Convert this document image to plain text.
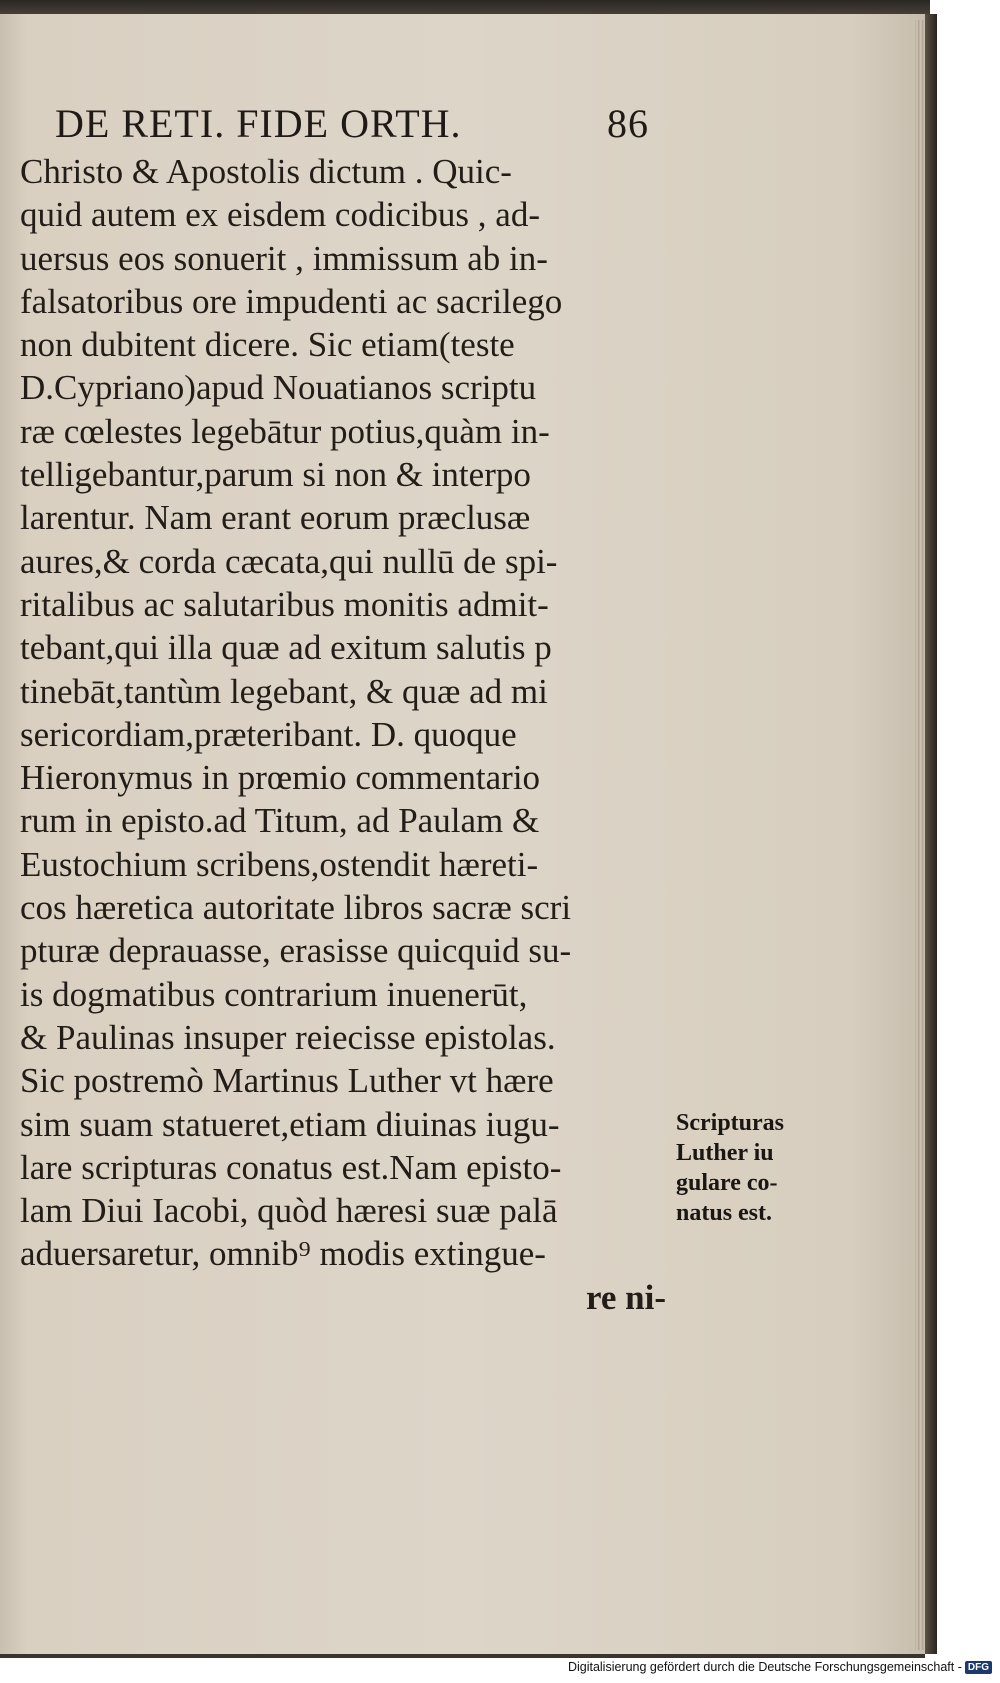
DE RETI. FIDE ORTH.	86
Christo & Apostolis dictum . Quic-
quid autem ex eisdem codicibus , ad-
uersus eos sonuerit , immissum ab in-
falsatoribus ore impudenti ac sacrilego
non dubitent dicere. Sic etiam(teste
D.Cypriano)apud Nouatianos scriptu
ræ cœlestes legebātur potius,quàm in-
telligebantur,parum si non & interpo
larentur. Nam erant eorum præclusæ
aures,& corda cæcata,qui nullū de spi-
ritalibus ac salutaribus monitis admit-
tebant,qui illa quæ ad exitum salutis p
tinebāt,tantùm legebant, & quæ ad mi
sericordiam,præteribant. D. quoque
Hieronymus in prœmio commentario
rum in episto.ad Titum, ad Paulam &
Eustochium scribens,ostendit hæreti-
cos hæretica autoritate libros sacræ scri
pturæ deprauasse, erasisse quicquid su-
is dogmatibus contrarium inuenerūt,
& Paulinas insuper reiecisse epistolas.
Sic postremò Martinus Luther vt hære
sim suam statueret,etiam diuinas iugu-
lare scripturas conatus est.Nam episto-
lam Diui Iacobi, quòd hæresi suæ palā
aduersaretur, omnib⁹ modis extingue-
re ni-
Scripturas
Luther iu
gulare co-
natus est.
Digitalisierung gefördert durch die Deutsche Forschungsgemeinschaft - DFG
